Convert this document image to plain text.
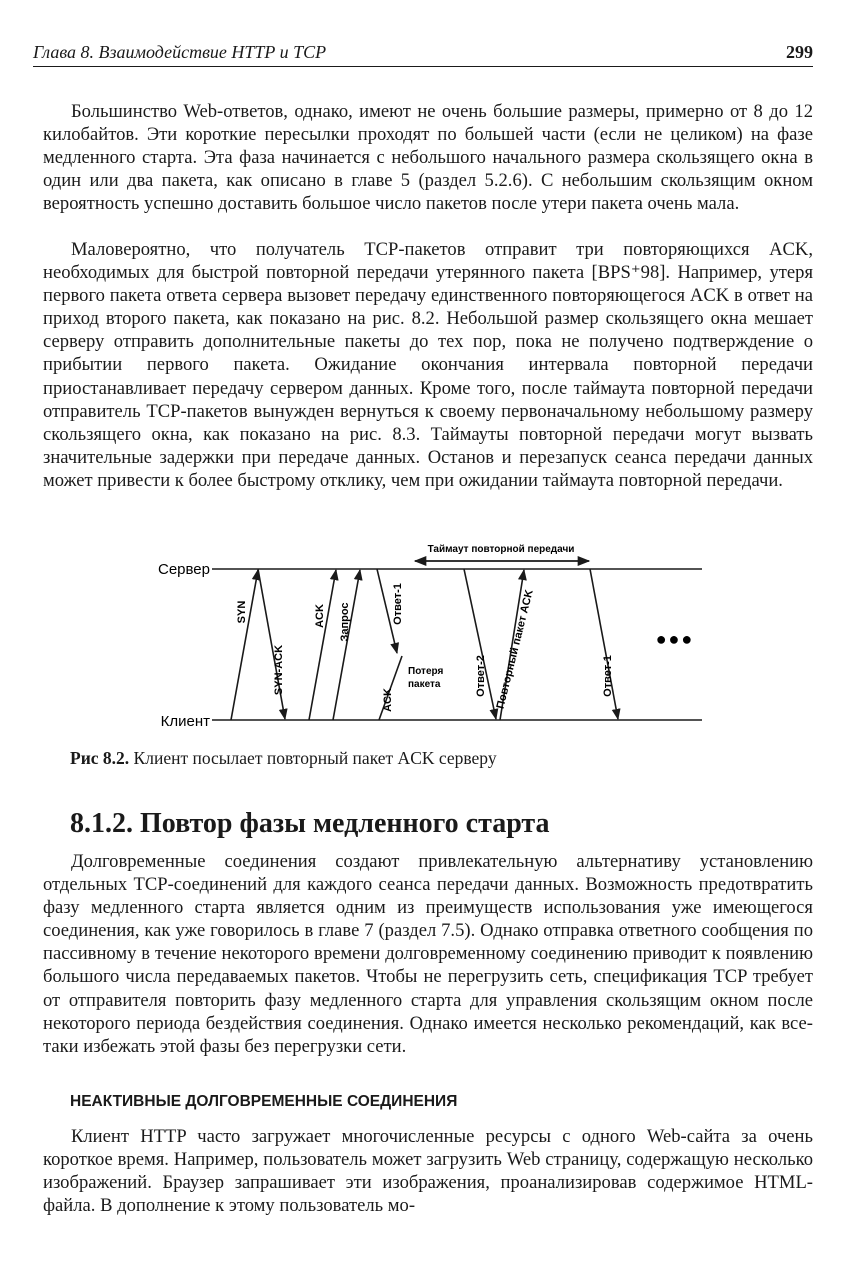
Глава 8. Взаимодействие HTTP и TCP	299

Большинство Web-ответов, однако, имеют не очень большие размеры, примерно от 8 до 12 килобайтов. Эти короткие пересылки проходят по большей части (если не целиком) на фазе медленного старта. Эта фаза начинается с небольшого начального размера скользящего окна в один или два пакета, как описано в главе 5 (раздел 5.2.6). С небольшим скользящим окном вероятность успешно доставить большое число пакетов после утери пакета очень мала.

Маловероятно, что получатель TCP-пакетов отправит три повторяющихся ACK, необходимых для быстрой повторной передачи утерянного пакета [BPS⁺98]. Например, утеря первого пакета ответа сервера вызовет передачу единственного повторяющегося ACK в ответ на приход второго пакета, как показано на рис. 8.2. Небольшой размер скользящего окна мешает серверу отправить дополнительные пакеты до тех пор, пока не получено подтверждение о прибытии первого пакета. Ожидание окончания интервала повторной передачи приостанавливает передачу сервером данных. Кроме того, после таймаута повторной передачи отправитель TCP-пакетов вынужден вернуться к своему первоначальному небольшому размеру скользящего окна, как показано на рис. 8.3. Таймауты повторной передачи могут вызвать значительные задержки при передаче данных. Останов и перезапуск сеанса передачи данных может привести к более быстрому отклику, чем при ожидании таймаута повторной передачи.

Таймаут повторной передачи
Сервер
Клиент
SYN
SYN-ACK
ACK Запрос	Ответ-1
Потеря
пакета
ACK
Ответ-2 Повторный пакет ACK	Ответ-1
●●●
Рис 8.2. Клиент посылает повторный пакет ACK серверу
8.1.2. Повтор фазы медленного старта

Долговременные соединения создают привлекательную альтернативу установлению отдельных TCP-соединений для каждого сеанса передачи данных. Возможность предотвратить фазу медленного старта является одним из преимуществ использования уже имеющегося соединения, как уже говорилось в главе 7 (раздел 7.5). Однако отправка ответного сообщения по пассивному в течение некоторого времени долговременному соединению приводит к появлению большого числа передаваемых пакетов. Чтобы не перегрузить сеть, спецификация TCP требует от отправителя повторить фазу медленного старта для управления скользящим окном после некоторого периода бездействия соединения. Однако имеется несколько рекомендаций, как все-таки избежать этой фазы без перегрузки сети.

НЕАКТИВНЫЕ ДОЛГОВРЕМЕННЫЕ СОЕДИНЕНИЯ

Клиент HTTP часто загружает многочисленные ресурсы с одного Web-сайта за очень короткое время. Например, пользователь может загрузить Web страницу, содержащую несколько изображений. Браузер запрашивает эти изображения, проанализировав содержимое HTML-файла. В дополнение к этому пользователь мо-
